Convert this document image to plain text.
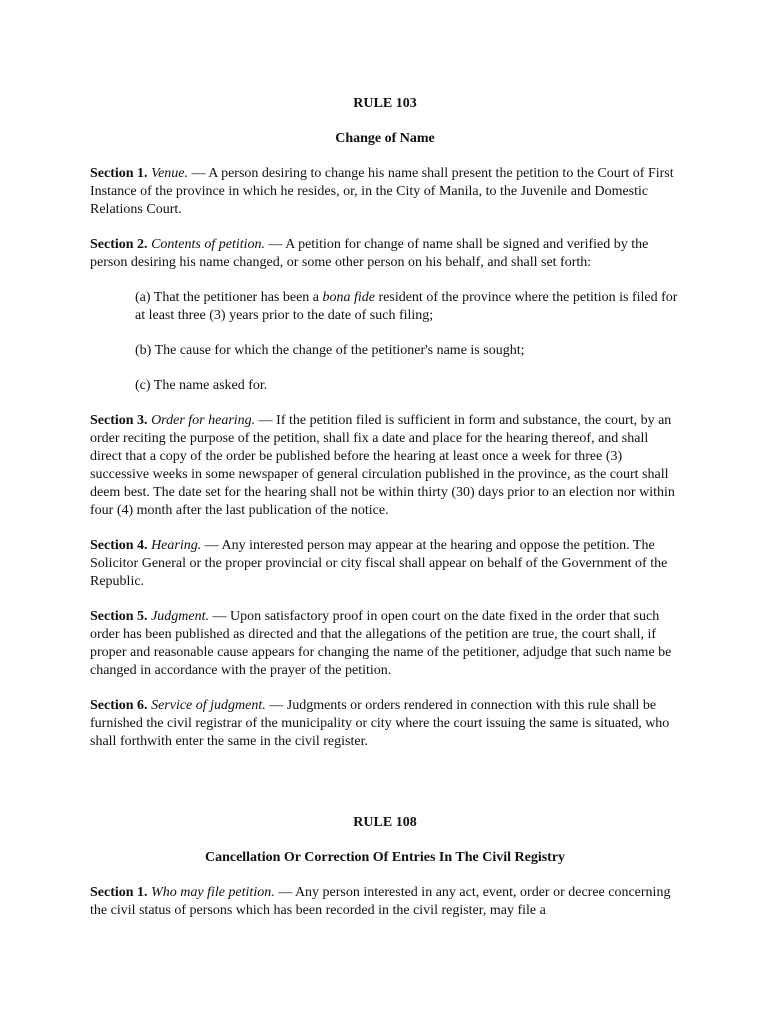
RULE 103

Change of Name

Section 1. Venue. — A person desiring to change his name shall present the petition to the Court of First Instance of the province in which he resides, or, in the City of Manila, to the Juvenile and Domestic Relations Court.

Section 2. Contents of petition. — A petition for change of name shall be signed and verified by the person desiring his name changed, or some other person on his behalf, and shall set forth:

(a) That the petitioner has been a bona fide resident of the province where the petition is filed for at least three (3) years prior to the date of such filing;

(b) The cause for which the change of the petitioner's name is sought;

(c) The name asked for.

Section 3. Order for hearing. — If the petition filed is sufficient in form and substance, the court, by an order reciting the purpose of the petition, shall fix a date and place for the hearing thereof, and shall direct that a copy of the order be published before the hearing at least once a week for three (3) successive weeks in some newspaper of general circulation published in the province, as the court shall deem best. The date set for the hearing shall not be within thirty (30) days prior to an election nor within four (4) month after the last publication of the notice.

Section 4. Hearing. — Any interested person may appear at the hearing and oppose the petition. The Solicitor General or the proper provincial or city fiscal shall appear on behalf of the Government of the Republic.

Section 5. Judgment. — Upon satisfactory proof in open court on the date fixed in the order that such order has been published as directed and that the allegations of the petition are true, the court shall, if proper and reasonable cause appears for changing the name of the petitioner, adjudge that such name be changed in accordance with the prayer of the petition.

Section 6. Service of judgment. — Judgments or orders rendered in connection with this rule shall be furnished the civil registrar of the municipality or city where the court issuing the same is situated, who shall forthwith enter the same in the civil register.

RULE 108

Cancellation Or Correction Of Entries In The Civil Registry

Section 1. Who may file petition. — Any person interested in any act, event, order or decree concerning the civil status of persons which has been recorded in the civil register, may file a
